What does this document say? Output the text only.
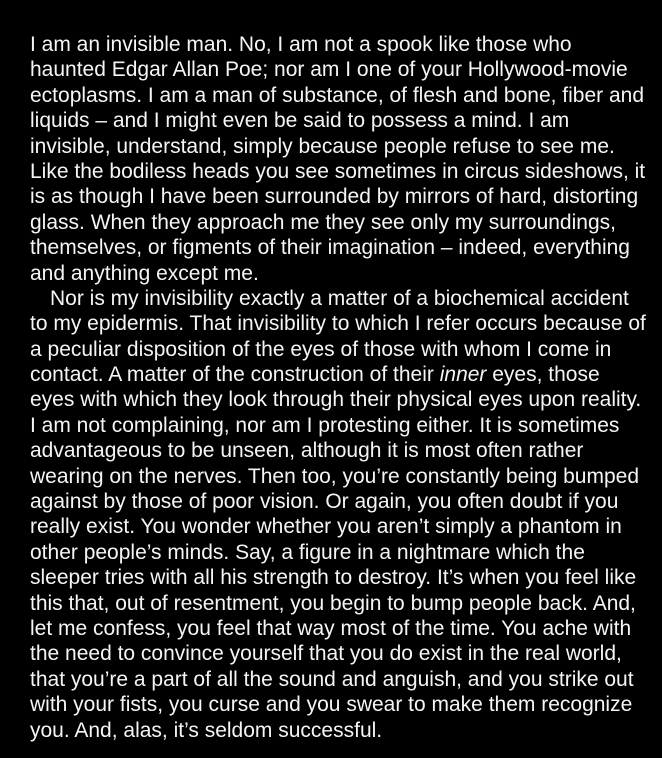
I am an invisible man. No, I am not a spook like those who
haunted Edgar Allan Poe; nor am I one of your Hollywood-movie
ectoplasms. I am a man of substance, of flesh and bone, fiber and
liquids – and I might even be said to possess a mind. I am
invisible, understand, simply because people refuse to see me.
Like the bodiless heads you see sometimes in circus sideshows, it
is as though I have been surrounded by mirrors of hard, distorting
glass. When they approach me they see only my surroundings,
themselves, or figments of their imagination – indeed, everything
and anything except me.
Nor is my invisibility exactly a matter of a biochemical accident
to my epidermis. That invisibility to which I refer occurs because of
a peculiar disposition of the eyes of those with whom I come in
contact. A matter of the construction of their inner eyes, those
eyes with which they look through their physical eyes upon reality.
I am not complaining, nor am I protesting either. It is sometimes
advantageous to be unseen, although it is most often rather
wearing on the nerves. Then too, you’re constantly being bumped
against by those of poor vision. Or again, you often doubt if you
really exist. You wonder whether you aren’t simply a phantom in
other people’s minds. Say, a figure in a nightmare which the
sleeper tries with all his strength to destroy. It’s when you feel like
this that, out of resentment, you begin to bump people back. And,
let me confess, you feel that way most of the time. You ache with
the need to convince yourself that you do exist in the real world,
that you’re a part of all the sound and anguish, and you strike out
with your fists, you curse and you swear to make them recognize
you. And, alas, it’s seldom successful.
